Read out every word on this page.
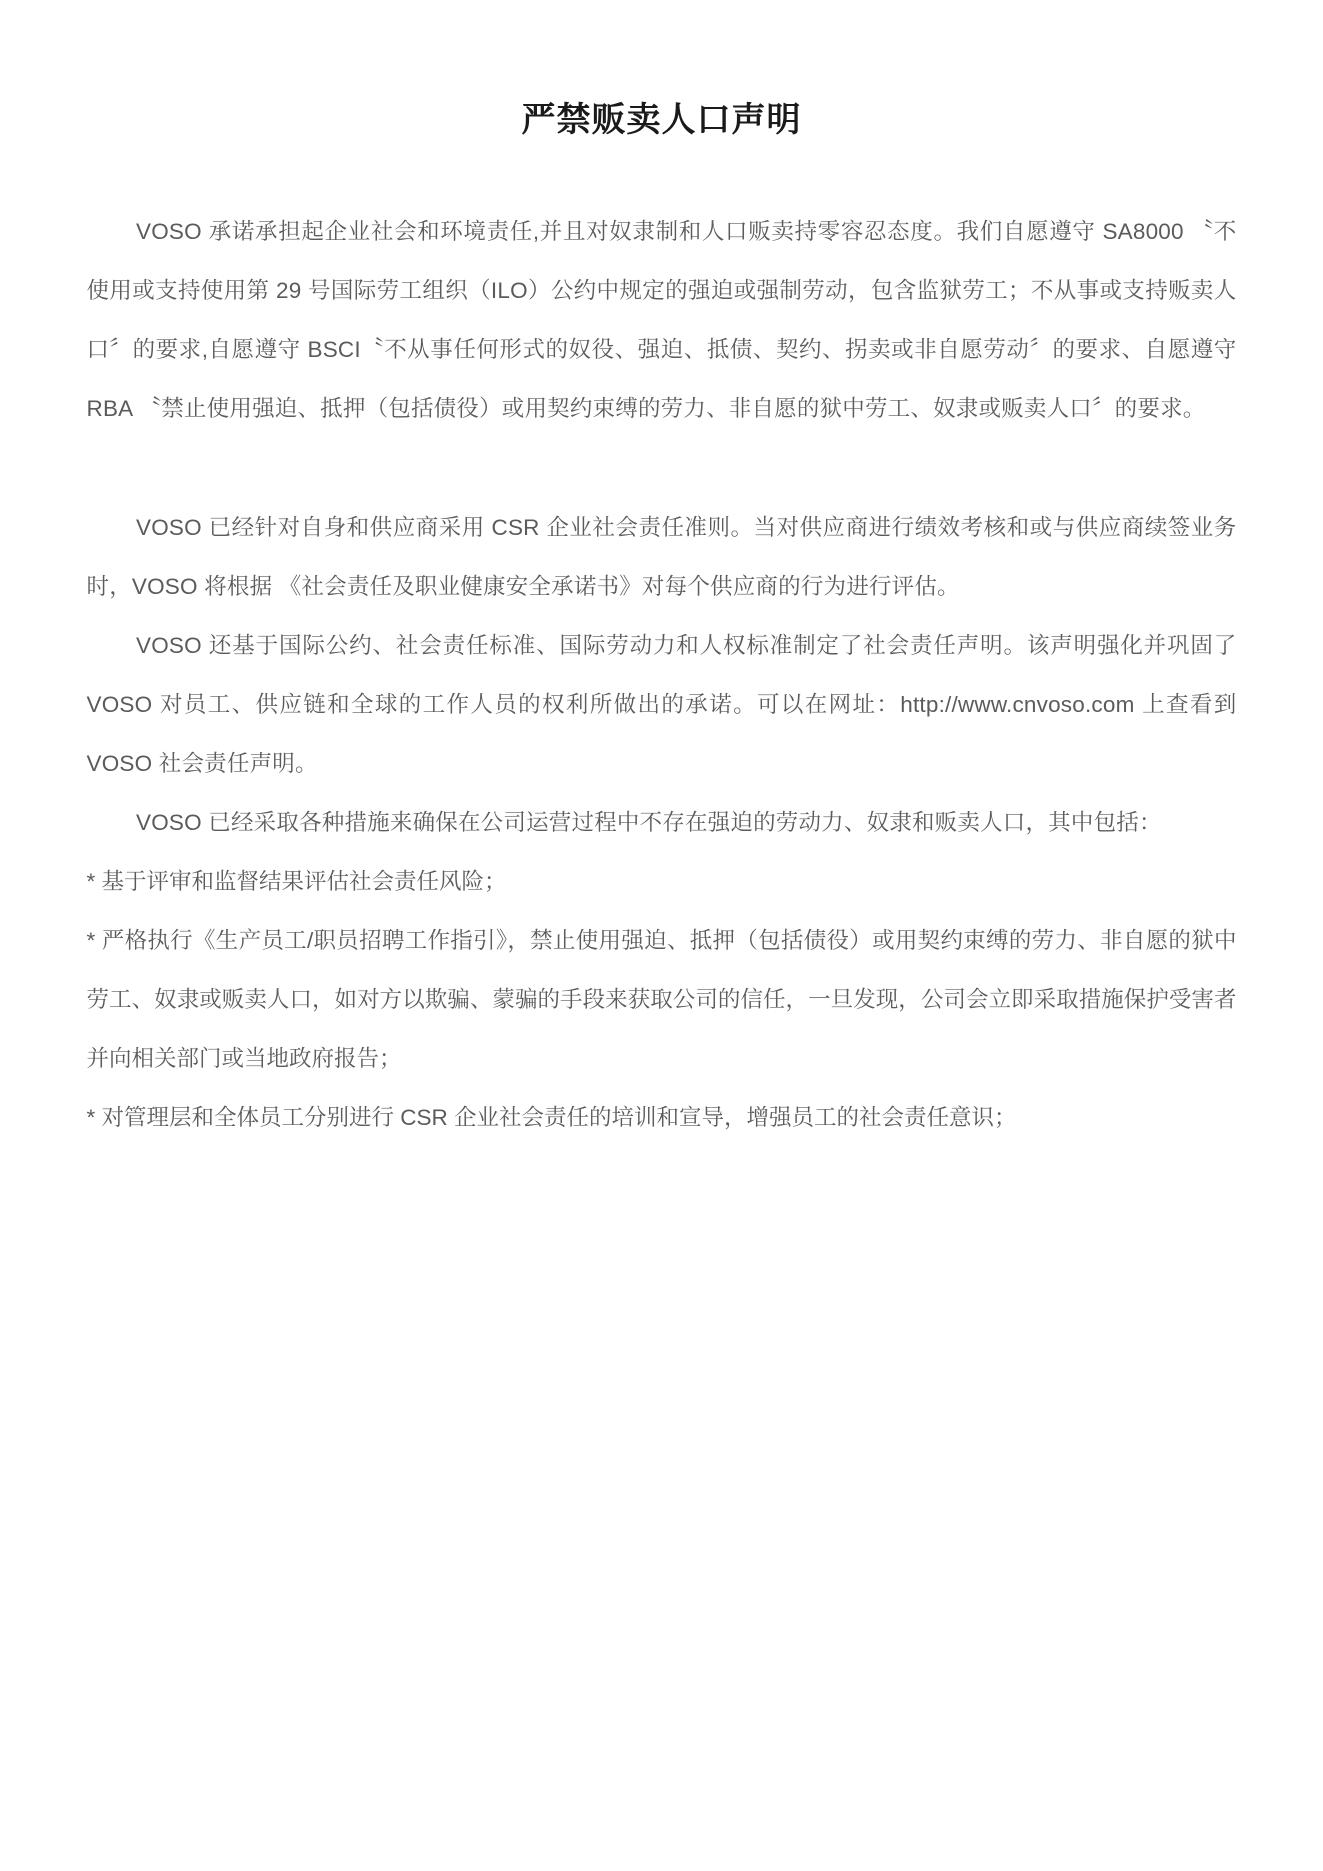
严禁贩卖人口声明

VOSO 承诺承担起企业社会和环境责任,并且对奴隶制和人口贩卖持零容忍态度。我们自愿遵守 SA8000 〝不使用或支持使用第 29 号国际劳工组织（ILO）公约中规定的强迫或强制劳动，包含监狱劳工；不从事或支持贩卖人口〞的要求,自愿遵守 BSCI〝不从事任何形式的奴役、强迫、抵债、契约、拐卖或非自愿劳动〞的要求、自愿遵守 RBA 〝禁止使用强迫、抵押（包括债役）或用契约束缚的劳力、非自愿的狱中劳工、奴隶或贩卖人口〞的要求。

VOSO 已经针对自身和供应商采用 CSR 企业社会责任准则。当对供应商进行绩效考核和或与供应商续签业务时，VOSO 将根据 《社会责任及职业健康安全承诺书》对每个供应商的行为进行评估。

VOSO 还基于国际公约、社会责任标准、国际劳动力和人权标准制定了社会责任声明。该声明强化并巩固了 VOSO 对员工、供应链和全球的工作人员的权利所做出的承诺。可以在网址：http://www.cnvoso.com 上查看到 VOSO 社会责任声明。

VOSO 已经采取各种措施来确保在公司运营过程中不存在强迫的劳动力、奴隶和贩卖人口，其中包括：

* 基于评审和监督结果评估社会责任风险；

* 严格执行《生产员工/职员招聘工作指引》，禁止使用强迫、抵押（包括债役）或用契约束缚的劳力、非自愿的狱中劳工、奴隶或贩卖人口，如对方以欺骗、蒙骗的手段来获取公司的信任，一旦发现，公司会立即采取措施保护受害者并向相关部门或当地政府报告；

* 对管理层和全体员工分别进行 CSR 企业社会责任的培训和宣导，增强员工的社会责任意识；
